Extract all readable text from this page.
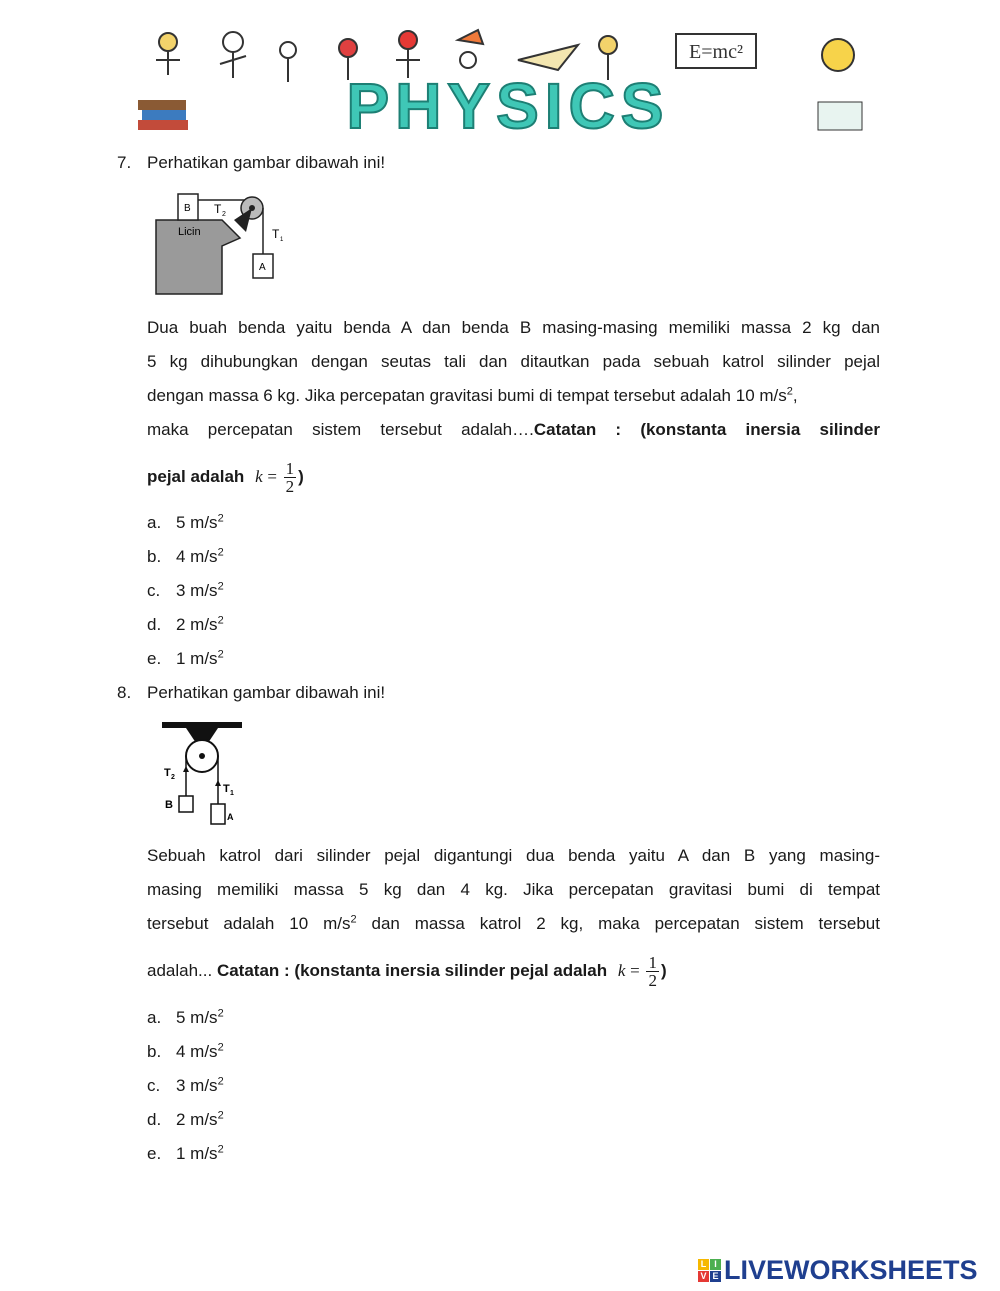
E=mc²
PHYSICS
7. Perhatikan gambar dibawah ini!
B T 2
Licin	T 1
A
Dua buah benda yaitu benda A dan benda B masing-masing memiliki massa 2 kg dan
5 kg dihubungkan dengan seutas tali dan ditautkan pada sebuah katrol silinder pejal
dengan massa 6 kg. Jika percepatan gravitasi bumi di tempat tersebut adalah 10 $m/s^2$,
maka percepatan sistem tersebut adalah….Catatan : (konstanta inersia silinder
pejal adalah $k = \frac{1}{2}$ )
a. 5 $m/s^2$
b. 4 $m/s^2$
c. 3 $m/s^2$
d. 2 $m/s^2$
e. 1 $m/s^2$
8. Perhatikan gambar dibawah ini!
T 2
T 1
B
A
Sebuah katrol dari silinder pejal digantungi dua benda yaitu A dan B yang masing-
masing memiliki massa 5 kg dan 4 kg. Jika percepatan gravitasi bumi di tempat
tersebut adalah 10 $m/s^2$ dan massa katrol 2 kg, maka percepatan sistem tersebut
adalah... Catatan : (konstanta inersia silinder pejal adalah $k = \frac{1}{2}$ )
a. 5 $m/s^2$
b. 4 $m/s^2$
c. 3 $m/s^2$
d. 2 $m/s^2$
e. 1 $m/s^2$
L I
V E LIVEWORKSHEETS
